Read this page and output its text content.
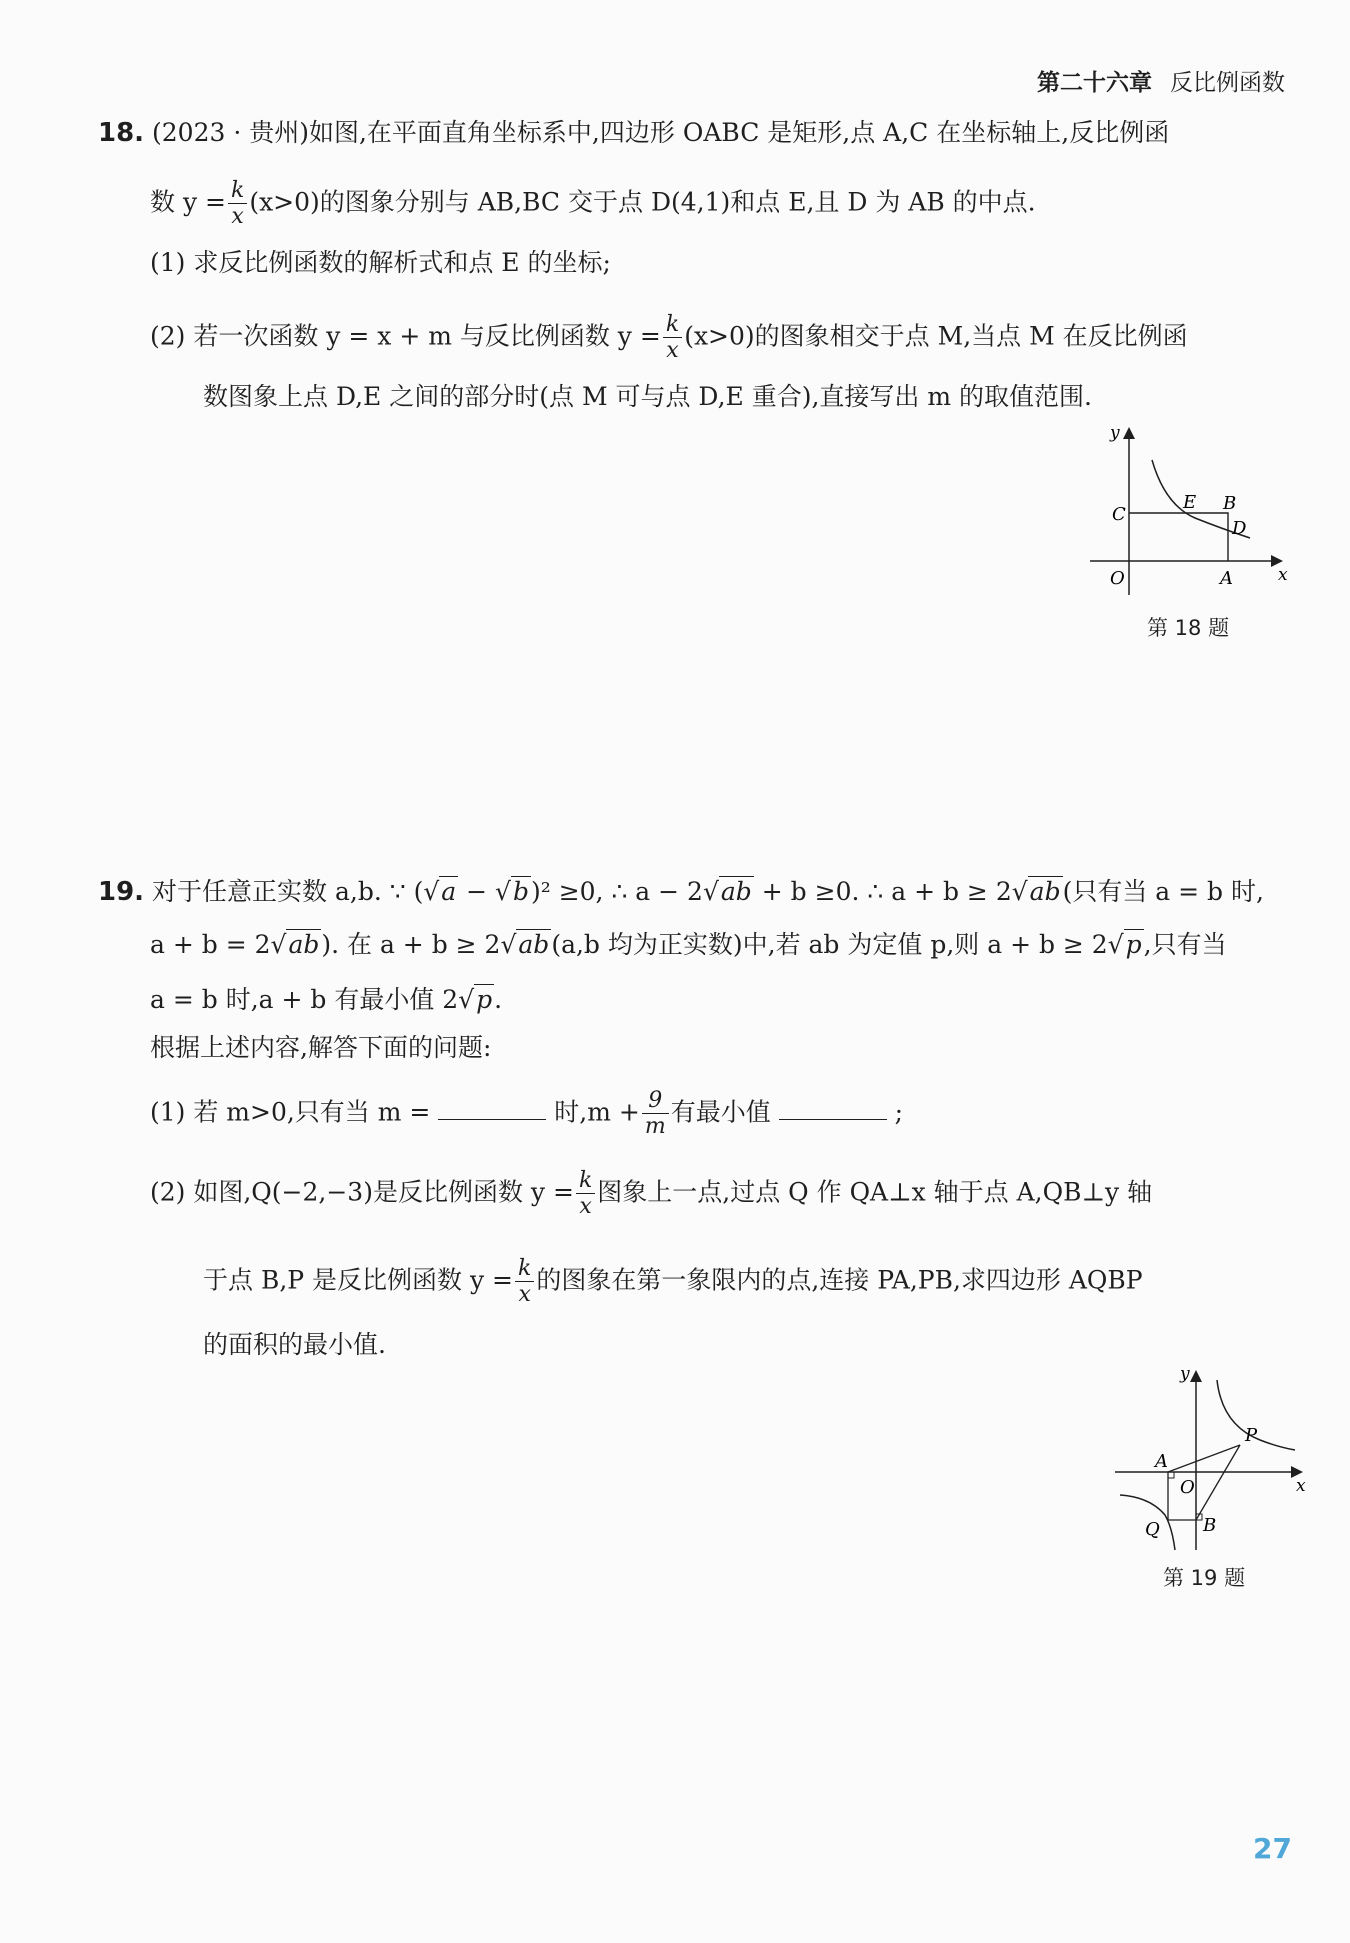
第二十六章 反比例函数
18. (2023 · 贵州)如图,在平面直角坐标系中,四边形 OABC 是矩形,点 A,C 在坐标轴上,反比例函
数 $y = \frac{k}{x} (x>0)$的图象分别与 AB,BC 交于点 D(4,1)和点 E,且 D 为 AB 的中点.
(1) 求反比例函数的解析式和点 E 的坐标;
(2) 若一次函数 y = x + m 与反比例函数 $y = \frac{k}{x} (x>0)$的图象相交于点 M,当点 M 在反比例函
数图象上点 D,E 之间的部分时(点 M 可与点 D,E 重合),直接写出 m 的取值范围.
y
x
O	A
B
C
D
E
第 18 题
19. 对于任意正实数 a,b. ∵ (√a − √b)² ≥0, ∴ a − 2√ab + b ≥0. ∴ a + b ≥ 2√ab(只有当 a = b 时,
a + b = 2√ab). 在 a + b ≥ 2√ab(a,b 均为正实数)中,若 ab 为定值 p,则 a + b ≥ 2√p,只有当
a = b 时,a + b 有最小值 2√p.
根据上述内容,解答下面的问题:
(1) 若 m>0,只有当 m =	时$,m + \frac{9}{m}$ 有最小值	;
(2) 如图,Q(−2,−3)是反比例函数 $y = \frac{k}{x}$ 图象上一点,过点 Q 作 QA⊥x 轴于点 A,QB⊥y 轴
于点 B,P 是反比例函数 $y = \frac{k}{x}$ 的图象在第一象限内的点,连接 PA,PB,求四边形 AQBP
的面积的最小值.
y
x
O
A
B
P
Q
第 19 题
27
